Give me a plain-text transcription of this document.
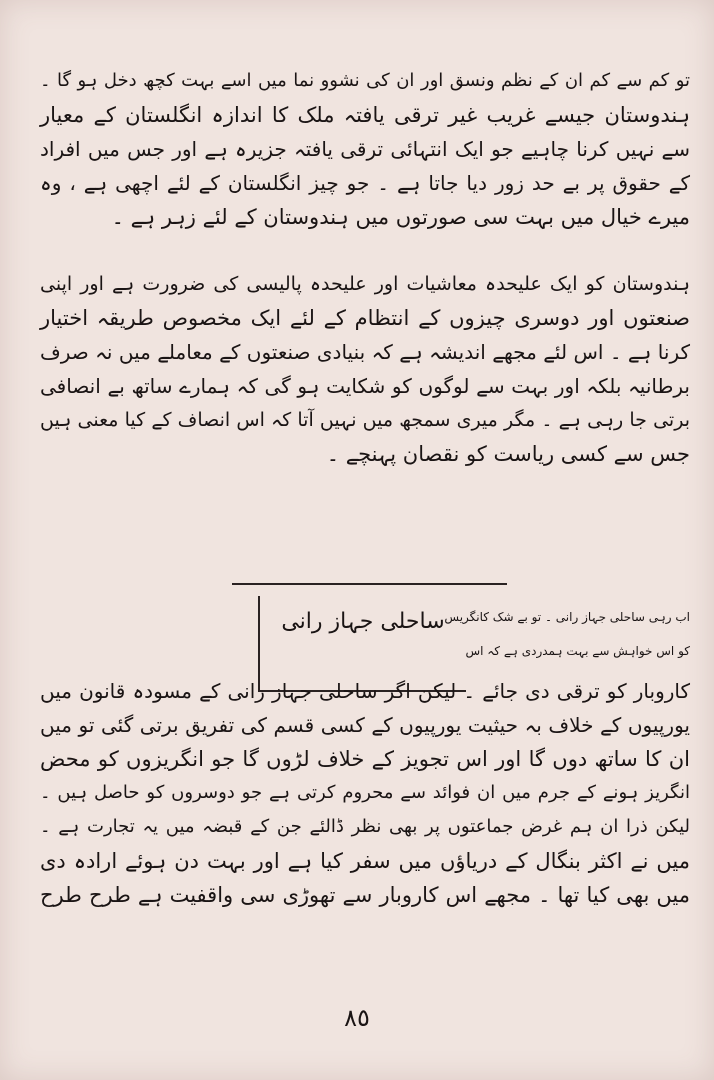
تو کم سے کم ان کے نظم ونسق اور ان کی نشوو نما میں اسے بہت کچھ دخل ہو گا ۔
ہندوستان جیسے غریب غیر ترقی یافتہ ملک کا اندازہ انگلستان کے معیار
سے نہیں کرنا چاہیے جو ایک انتہائی ترقی یافتہ جزیرہ ہے اور جس میں افراد
کے حقوق پر بے حد زور دیا جاتا ہے ۔ جو چیز انگلستان کے لئے اچھی ہے ، وہ
میرے خیال میں بہت سی صورتوں میں ہندوستان کے لئے زہر ہے ۔
ہندوستان کو ایک علیحدہ معاشیات اور علیحدہ پالیسی کی ضرورت ہے اور اپنی
صنعتوں اور دوسری چیزوں کے انتظام کے لئے ایک مخصوص طریقہ اختیار
کرنا ہے ۔ اس لئے مجھے اندیشہ ہے کہ بنیادی صنعتوں کے معاملے میں نہ صرف
برطانیہ بلکہ اور بہت سے لوگوں کو شکایت ہو گی کہ ہمارے ساتھ بے انصافی
برتی جا رہی ہے ۔ مگر میری سمجھ میں نہیں آتا کہ اس انصاف کے کیا معنی ہیں
جس سے کسی ریاست کو نقصان پہنچے ۔
اب رہی ساحلی جہاز رانی ۔ تو بے شک کانگریس
کو اس خواہش سے بہت ہمدردی ہے کہ اس
ساحلی جہاز رانی
کاروبار کو ترقی دی جائے ۔ لیکن اگر ساحلی جہاز رانی کے مسودہ قانون میں
یورپیوں کے خلاف بہ حیثیت یورپیوں کے کسی قسم کی تفریق برتی گئی تو میں
ان کا ساتھ دوں گا اور اس تجویز کے خلاف لڑوں گا جو انگریزوں کو محض
انگریز ہونے کے جرم میں ان فوائد سے محروم کرتی ہے جو دوسروں کو حاصل ہیں ۔
لیکن ذرا ان ہم غرض جماعتوں پر بھی نظر ڈالئے جن کے قبضہ میں یہ تجارت ہے ۔
میں نے اکثر بنگال کے دریاؤں میں سفر کیا ہے اور بہت دن ہوئے ارادہ دی
میں بھی کیا تھا ۔ مجھے اس کاروبار سے تھوڑی سی واقفیت ہے طرح طرح
٨٥
